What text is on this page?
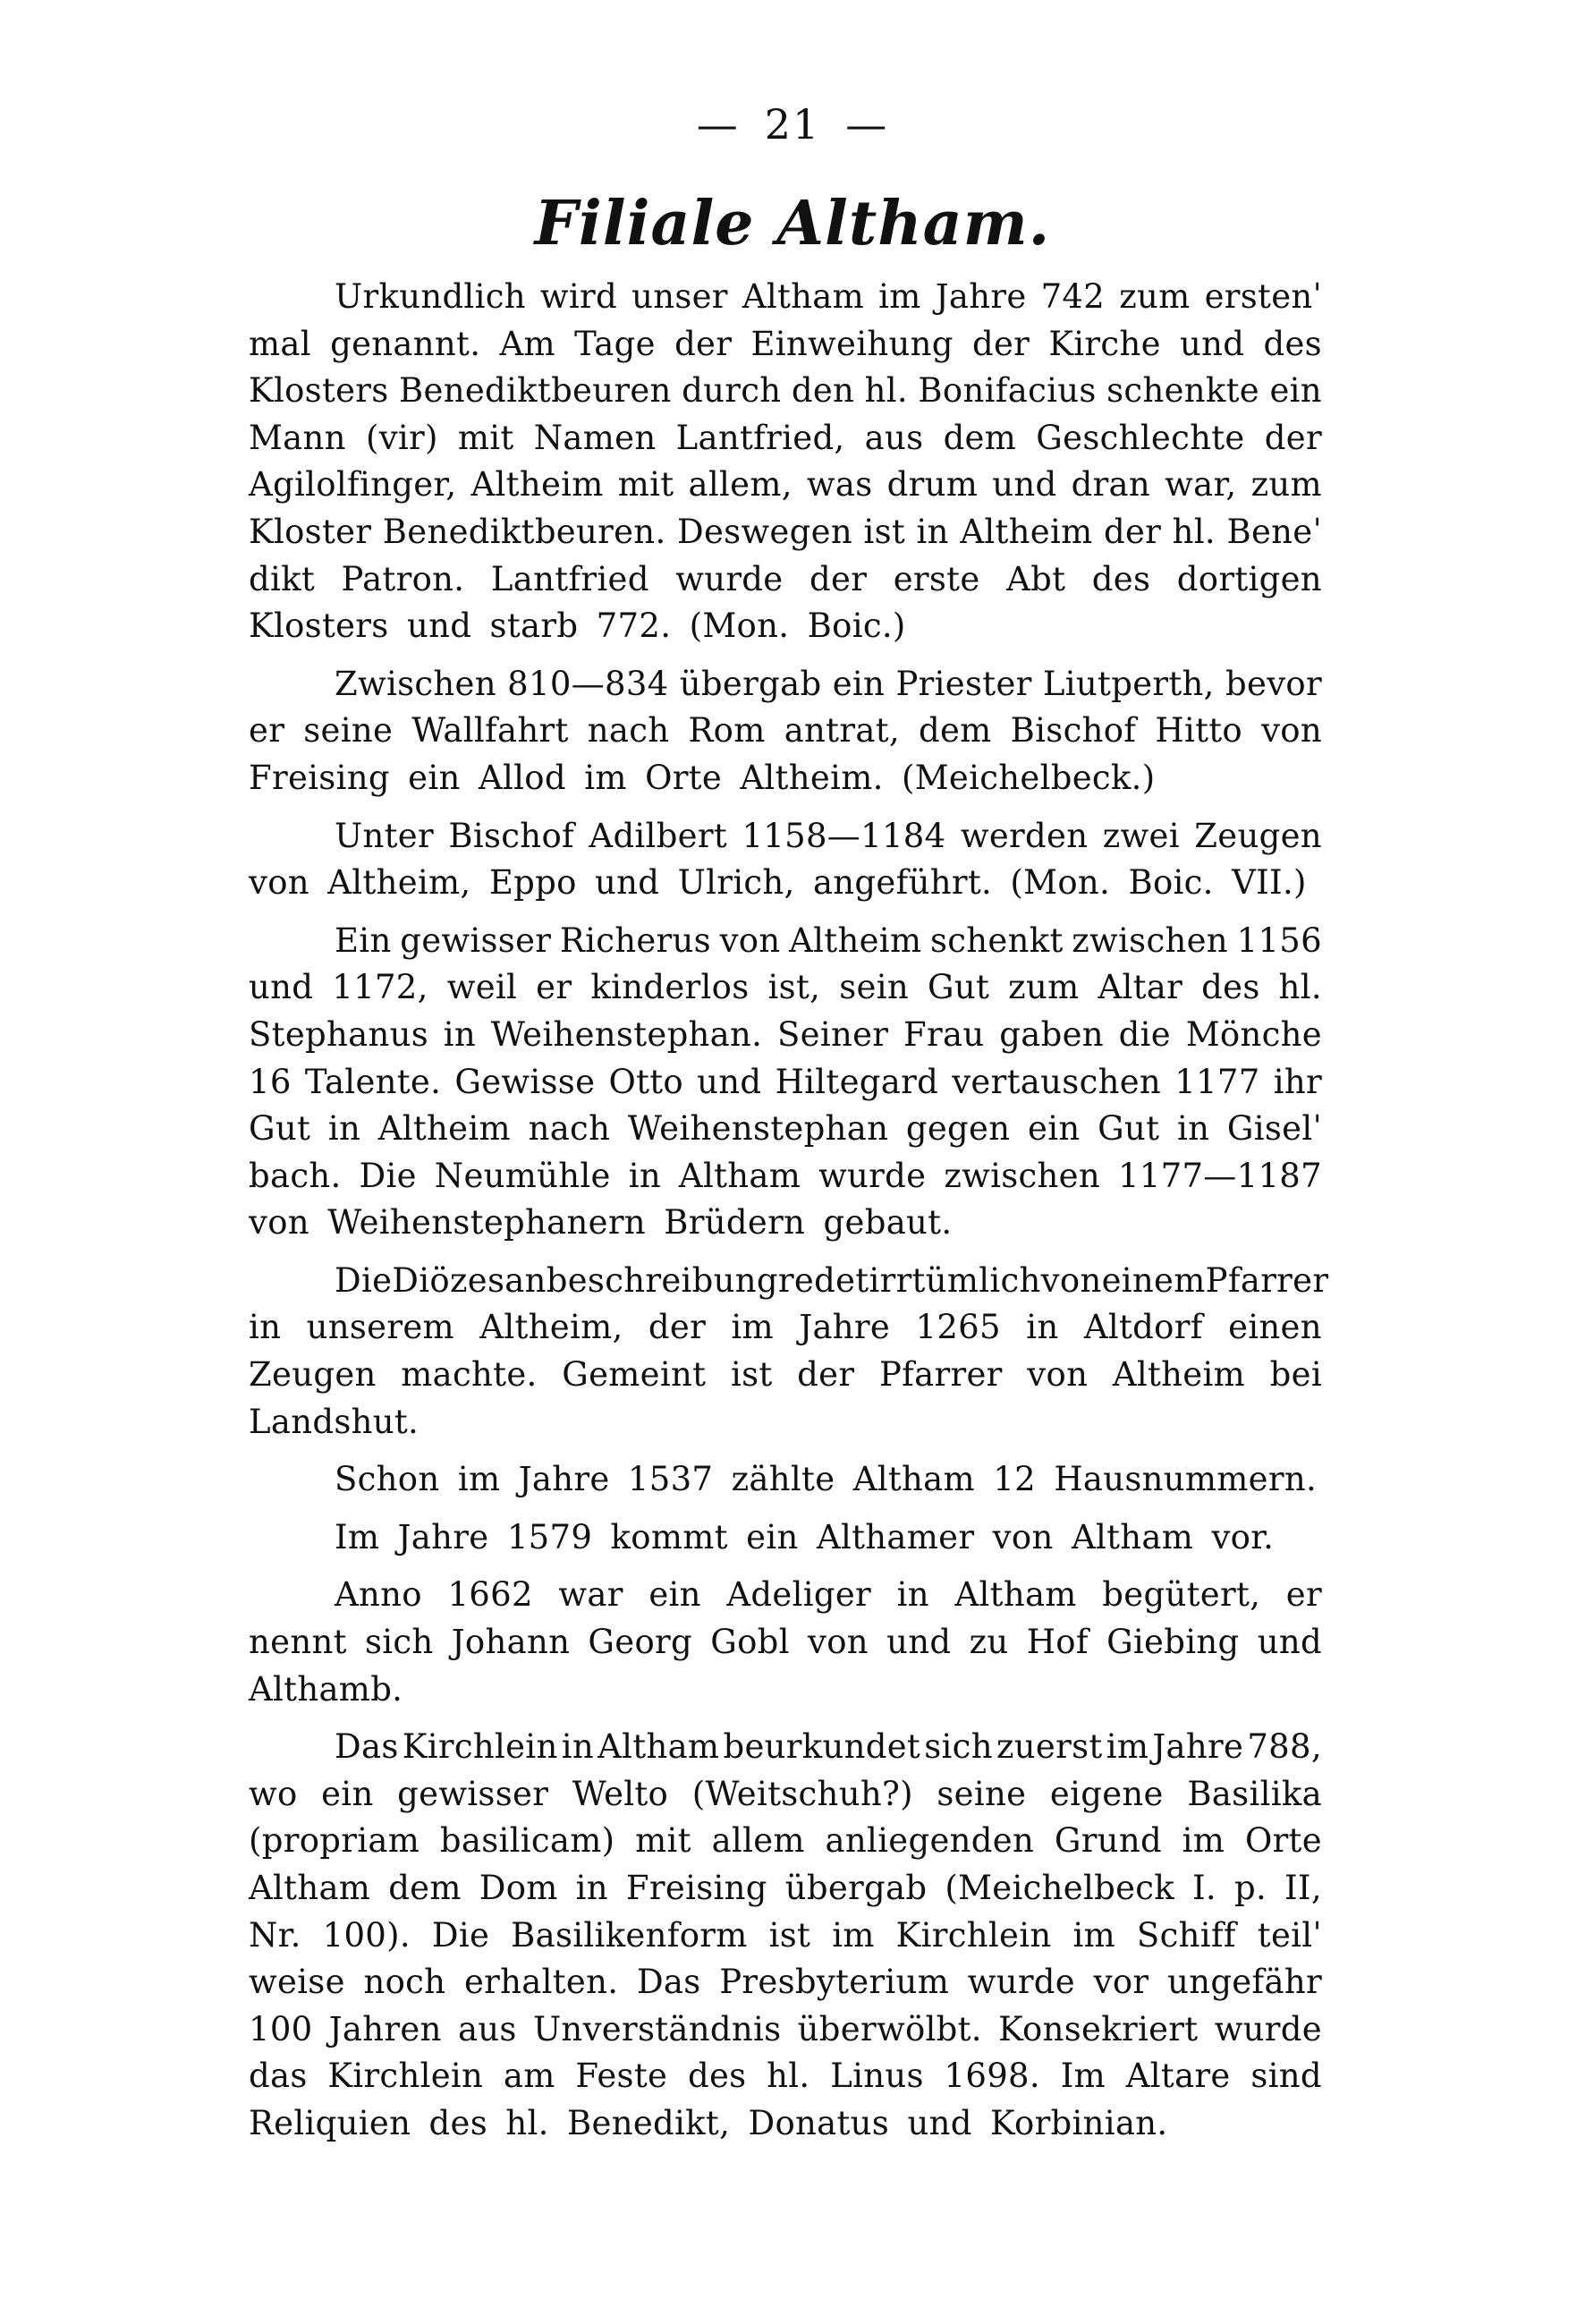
— 21 —
Filiale Altham.
Urkundlich wird unser Altham im Jahre 742 zum erstenˈ
mal genannt. Am Tage der Einweihung der Kirche und des
Klosters Benediktbeuren durch den hl. Bonifacius schenkte ein
Mann (vir) mit Namen Lantfried, aus dem Geschlechte der
Agilolfinger, Altheim mit allem, was drum und dran war, zum
Kloster Benediktbeuren. Deswegen ist in Altheim der hl. Beneˈ
dikt Patron. Lantfried wurde der erste Abt des dortigen
Klosters und starb 772. (Mon. Boic.)
Zwischen 810—834 übergab ein Priester Liutperth, bevor
er seine Wallfahrt nach Rom antrat, dem Bischof Hitto von
Freising ein Allod im Orte Altheim. (Meichelbeck.)
Unter Bischof Adilbert 1158—1184 werden zwei Zeugen
von Altheim, Eppo und Ulrich, angeführt. (Mon. Boic. VII.)
Ein gewisser Richerus von Altheim schenkt zwischen 1156
und 1172, weil er kinderlos ist, sein Gut zum Altar des hl.
Stephanus in Weihenstephan. Seiner Frau gaben die Mönche
16 Talente. Gewisse Otto und Hiltegard vertauschen 1177 ihr
Gut in Altheim nach Weihenstephan gegen ein Gut in Giselˈ
bach. Die Neumühle in Altham wurde zwischen 1177—1187
von Weihenstephanern Brüdern gebaut.
Die Diözesanbeschreibung redet irrtümlich von einem Pfarrer
in unserem Altheim, der im Jahre 1265 in Altdorf einen
Zeugen machte. Gemeint ist der Pfarrer von Altheim bei
Landshut.
Schon im Jahre 1537 zählte Altham 12 Hausnummern.
Im Jahre 1579 kommt ein Althamer von Altham vor.
Anno 1662 war ein Adeliger in Altham begütert, er
nennt sich Johann Georg Gobl von und zu Hof Giebing und
Althamb.
Das Kirchlein in Altham beurkundet sich zuerst im Jahre 788,
wo ein gewisser Welto (Weitschuh?) seine eigene Basilika
(propriam basilicam) mit allem anliegenden Grund im Orte
Altham dem Dom in Freising übergab (Meichelbeck I. p. II,
Nr. 100). Die Basilikenform ist im Kirchlein im Schiff teilˈ
weise noch erhalten. Das Presbyterium wurde vor ungefähr
100 Jahren aus Unverständnis überwölbt. Konsekriert wurde
das Kirchlein am Feste des hl. Linus 1698. Im Altare sind
Reliquien des hl. Benedikt, Donatus und Korbinian.
